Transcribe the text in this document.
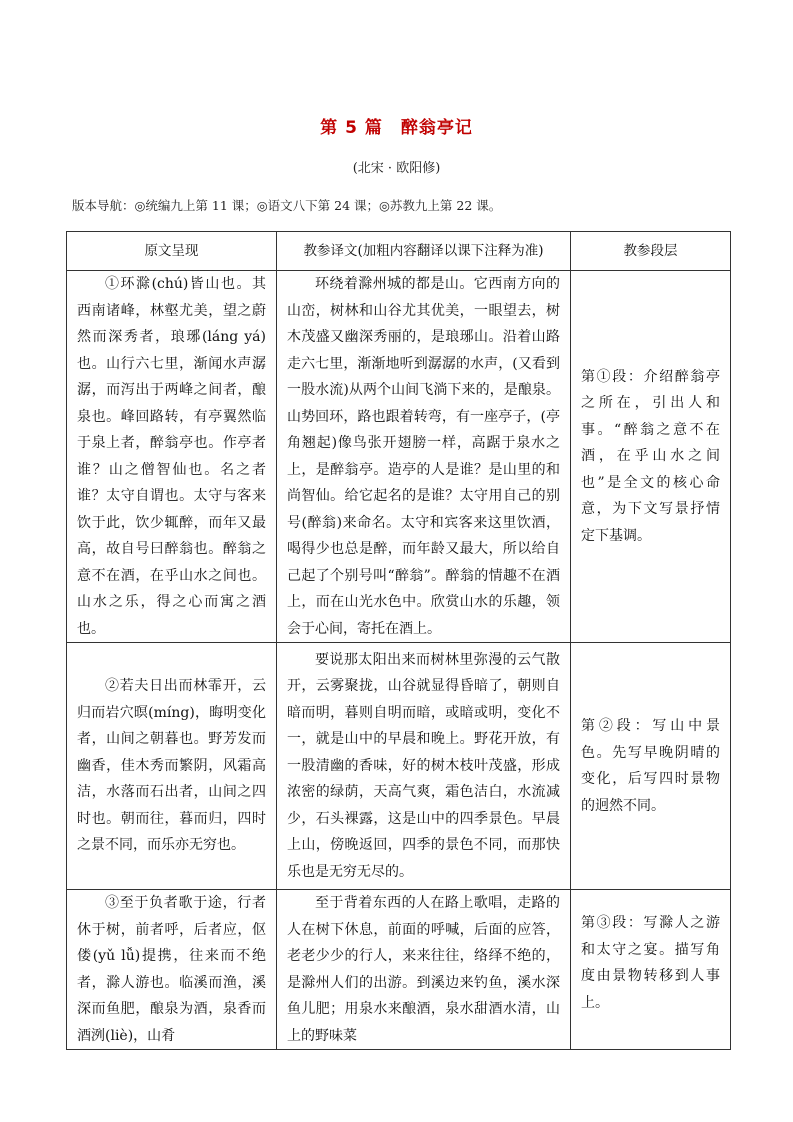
第 5 篇　醉翁亭记
(北宋 · 欧阳修)
版本导航：◎统编九上第 11 课；◎语文八下第 24 课；◎苏教九上第 22 课。
原文呈现	教参译文(加粗内容翻译以课下注释为准)	教参段层

①环滁(chú)皆山也。其西南诸峰，林壑尤美，望之蔚然而深秀者，琅琊(láng yá)也。山行六七里，渐闻水声潺潺，而泻出于两峰之间者，酿泉也。峰回路转，有亭翼然临于泉上者，醉翁亭也。作亭者谁？山之僧智仙也。名之者谁？太守自谓也。太守与客来饮于此，饮少辄醉，而年又最高，故自号曰醉翁也。醉翁之意不在酒，在乎山水之间也。山水之乐，得之心而寓之酒也。	环绕着滁州城的都是山。它西南方向的山峦，树林和山谷尤其优美，一眼望去，树木茂盛又幽深秀丽的，是琅琊山。沿着山路走六七里，渐渐地听到潺潺的水声，(又看到一股水流)从两个山间飞淌下来的，是酿泉。山势回环，路也跟着转弯，有一座亭子，(亭角翘起)像鸟张开翅膀一样，高踞于泉水之上，是醉翁亭。造亭的人是谁？是山里的和尚智仙。给它起名的是谁？太守用自己的别号(醉翁)来命名。太守和宾客来这里饮酒，喝得少也总是醉，而年龄又最大，所以给自己起了个别号叫“醉翁”。醉翁的情趣不在酒上，而在山光水色中。欣赏山水的乐趣，领会于心间，寄托在酒上。	第①段：介绍醉翁亭之所在，引出人和事。“醉翁之意不在酒，在乎山水之间也”是全文的核心命意，为下文写景抒情定下基调。

②若夫日出而林霏开，云归而岩穴暝(míng)，晦明变化者，山间之朝暮也。野芳发而幽香，佳木秀而繁阴，风霜高洁，水落而石出者，山间之四时也。朝而往，暮而归，四时之景不同，而乐亦无穷也。	要说那太阳出来而树林里弥漫的云气散开，云雾聚拢，山谷就显得昏暗了，朝则自暗而明，暮则自明而暗，或暗或明，变化不一，就是山中的早晨和晚上。野花开放，有一股清幽的香味，好的树木枝叶茂盛，形成浓密的绿荫，天高气爽，霜色洁白，水流减少，石头裸露，这是山中的四季景色。早晨上山，傍晚返回，四季的景色不同，而那快乐也是无穷无尽的。	第②段：写山中景色。先写早晚阴晴的变化，后写四时景物的迥然不同。

③至于负者歌于途，行者休于树，前者呼，后者应，伛偻(yǔ lǚ)提携，往来而不绝者，滁人游也。临溪而渔，溪深而鱼肥，酿泉为酒，泉香而酒洌(liè)，山肴	至于背着东西的人在路上歌唱，走路的人在树下休息，前面的呼喊，后面的应答，老老少少的行人，来来往往，络绎不绝的，是滁州人们的出游。到溪边来钓鱼，溪水深鱼儿肥；用泉水来酿酒，泉水甜酒水清，山上的野味菜	第③段：写滁人之游和太守之宴。描写角度由景物转移到人事上。
